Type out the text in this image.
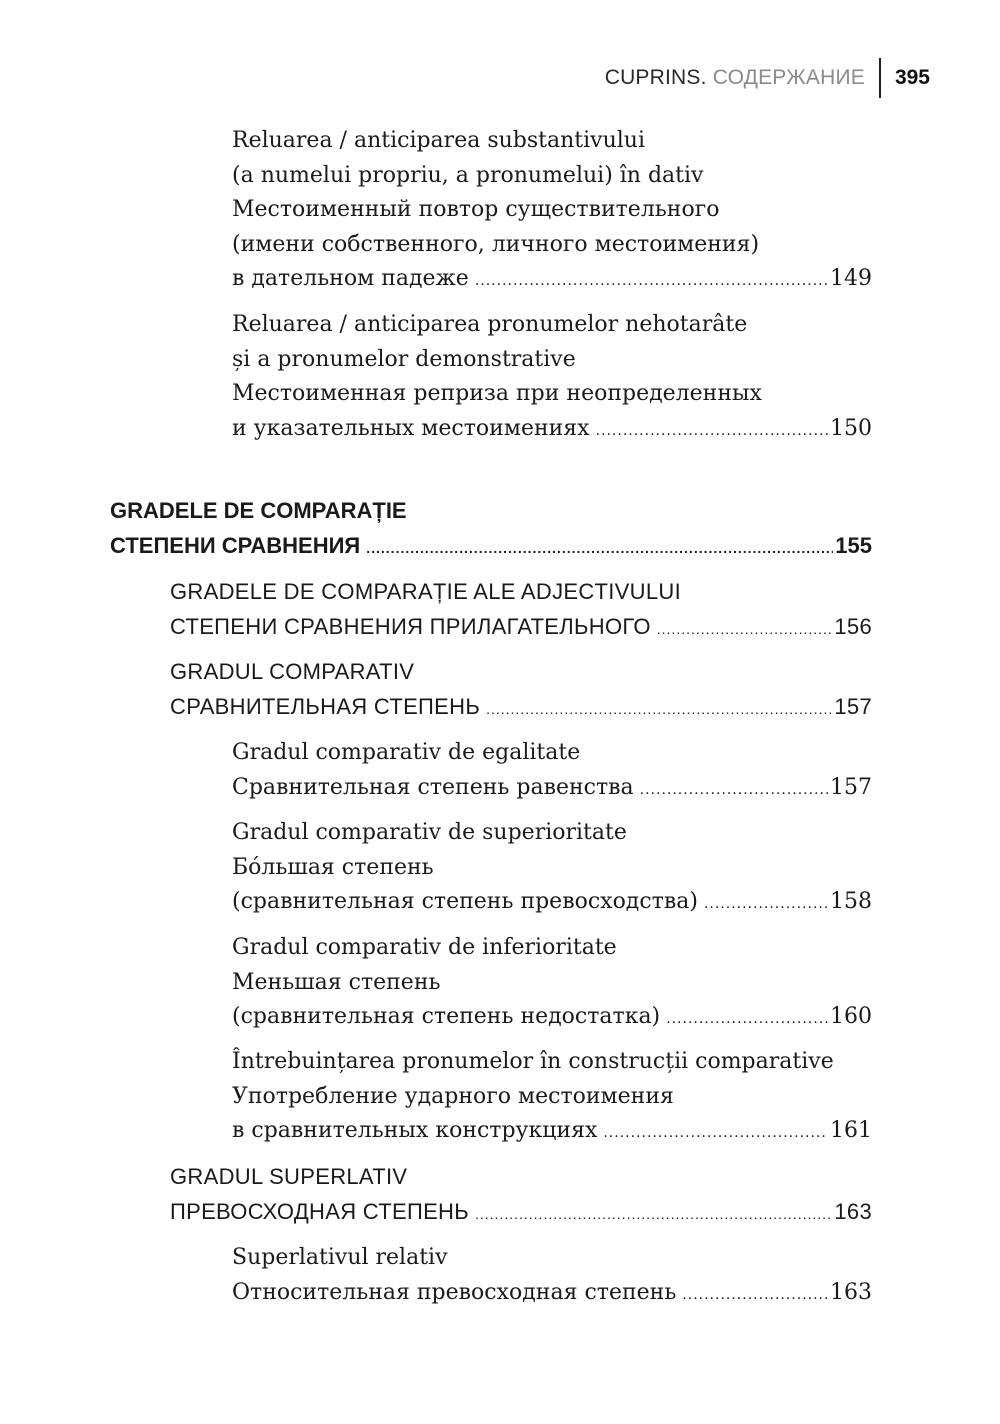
CUPRINS. СОДЕРЖАНИЕ 395
Reluarea / anticiparea substantivului
(a numelui propriu, a pronumelui) în dativ
Местоименный повтор существительного
(имени собственного, личного местоимения)
в дательном падеже .....	149
Reluarea / anticiparea pronumelor nehotarâte
și a pronumelor demonstrative
Местоименная реприза при неопределенных
и указательных местоимениях .....	150
GRADELE DE COMPARAȚIE
СТЕПЕНИ СРАВНЕНИЯ .....	155
GRADELE DE COMPARAȚIE ALE ADJECTIVULUI
СТЕПЕНИ СРАВНЕНИЯ ПРИЛАГАТЕЛЬНОГО .....	156
GRADUL COMPARATIV
СРАВНИТЕЛЬНАЯ СТЕПЕНЬ .....	157
Gradul comparativ de egalitate
Сравнительная степень равенства .....	157
Gradul comparativ de superioritate
Бóльшая степень
(сравнительная степень превосходства) .....	158
Gradul comparativ de inferioritate
Меньшая степень
(сравнительная степень недостатка) .....	160
Întrebuințarea pronumelor în construcții comparative
Употребление ударного местоимения
в сравнительных конструкциях .....	161
GRADUL SUPERLATIV
ПРЕВОСХОДНАЯ СТЕПЕНЬ .....	163
Superlativul relativ
Относительная превосходная степень .....	163
